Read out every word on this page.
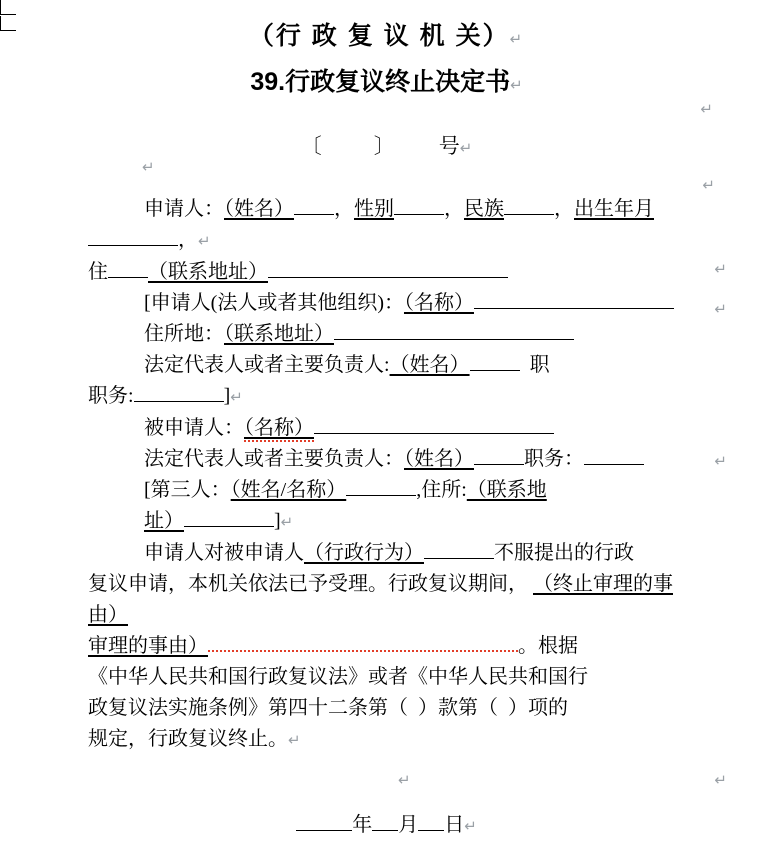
（行 政 复 议 机 关）↵
39.行政复议终止决定书↵
↵
〔 〕 号↵
↵
↵

申请人：（姓名） ，性别	，民族	，出生年月

，↵

住 （联系地址）

[申请人(法人或者其他组织)：（名称）

住所地：（联系地址）

法定代表人或者主要负责人:（姓名）	职

职务:	]↵

被申请人：（名称）

法定代表人或者主要负责人：（姓名）	职务：

[第三人：（姓名/名称）	,住所:（联系地

址）	]↵

申请人对被申请人（行政行为）	不服提出的行政

复议申请，本机关依法已予受理。行政复议期间， （终止审理的事由）

审理的事由）	。根据

《中华人民共和国行政复议法》或者《中华人民共和国行

政复议法实施条例》第四十二条第（  ）款第（  ）项的

规定，行政复议终止。↵

↵
↵
↵
↵	↵
年 月 日↵
